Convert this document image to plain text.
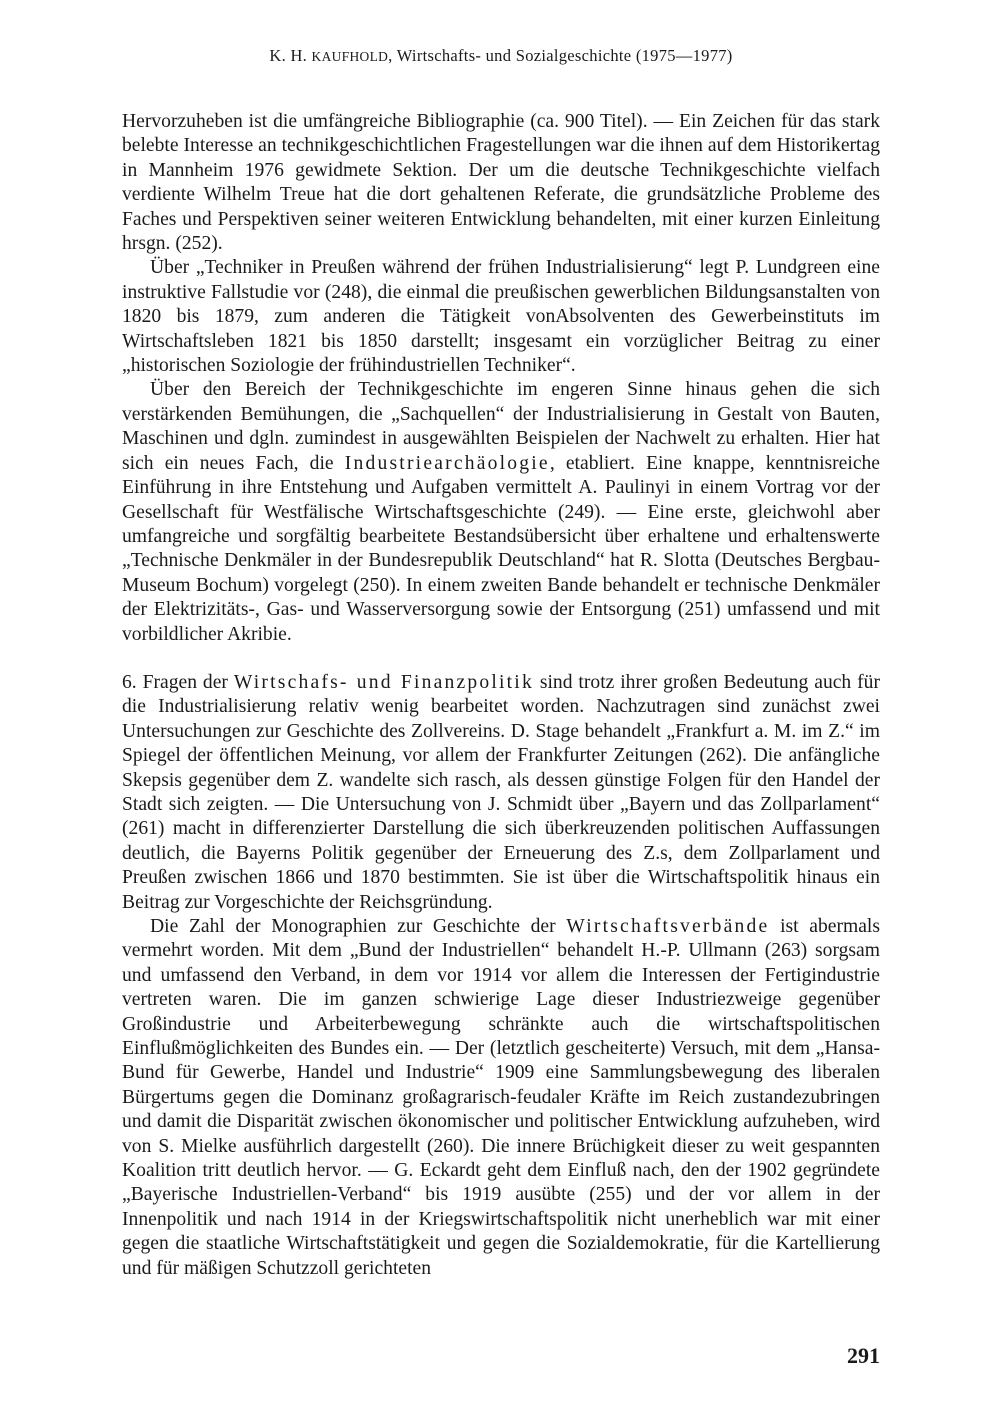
K. H. KAUFHOLD, Wirtschafts- und Sozialgeschichte (1975—1977)

Hervorzuheben ist die umfängreiche Bibliographie (ca. 900 Titel). — Ein Zeichen für das stark belebte Interesse an technikgeschichtlichen Fragestellungen war die ihnen auf dem Historikertag in Mannheim 1976 gewidmete Sektion. Der um die deutsche Technikgeschichte vielfach verdiente Wilhelm Treue hat die dort gehaltenen Referate, die grundsätzliche Probleme des Faches und Perspektiven seiner weiteren Entwicklung behandelten, mit einer kurzen Einleitung hrsgn. (252).

Über „Techniker in Preußen während der frühen Industrialisierung“ legt P. Lundgreen eine instruktive Fallstudie vor (248), die einmal die preußischen gewerblichen Bildungsanstalten von 1820 bis 1879, zum anderen die Tätigkeit vonAbsolventen des Gewerbeinstituts im Wirtschaftsleben 1821 bis 1850 darstellt; insgesamt ein vorzüglicher Beitrag zu einer „historischen Soziologie der frühindustriellen Techniker“.

Über den Bereich der Technikgeschichte im engeren Sinne hinaus gehen die sich verstärkenden Bemühungen, die „Sachquellen“ der Industrialisierung in Gestalt von Bauten, Maschinen und dgln. zumindest in ausgewählten Beispielen der Nachwelt zu erhalten. Hier hat sich ein neues Fach, die Industriearchäologie, etabliert. Eine knappe, kenntnisreiche Einführung in ihre Entstehung und Aufgaben vermittelt A. Paulinyi in einem Vortrag vor der Gesellschaft für Westfälische Wirtschaftsgeschichte (249). — Eine erste, gleichwohl aber umfangreiche und sorgfältig bearbeitete Bestandsübersicht über erhaltene und erhaltenswerte „Technische Denkmäler in der Bundesrepublik Deutschland“ hat R. Slotta (Deutsches Bergbau-Museum Bochum) vorgelegt (250). In einem zweiten Bande behandelt er technische Denkmäler der Elektrizitäts-, Gas- und Wasserversorgung sowie der Entsorgung (251) umfassend und mit vorbildlicher Akribie.

6. Fragen der Wirtschafs- und Finanzpolitik sind trotz ihrer großen Bedeutung auch für die Industrialisierung relativ wenig bearbeitet worden. Nachzutragen sind zunächst zwei Untersuchungen zur Geschichte des Zollvereins. D. Stage behandelt „Frankfurt a. M. im Z.“ im Spiegel der öffentlichen Meinung, vor allem der Frankfurter Zeitungen (262). Die anfängliche Skepsis gegenüber dem Z. wandelte sich rasch, als dessen günstige Folgen für den Handel der Stadt sich zeigten. — Die Untersuchung von J. Schmidt über „Bayern und das Zollparlament“ (261) macht in differenzierter Darstellung die sich überkreuzenden politischen Auffassungen deutlich, die Bayerns Politik gegenüber der Erneuerung des Z.s, dem Zollparlament und Preußen zwischen 1866 und 1870 bestimmten. Sie ist über die Wirtschaftspolitik hinaus ein Beitrag zur Vorgeschichte der Reichsgründung.

Die Zahl der Monographien zur Geschichte der Wirtschaftsverbände ist abermals vermehrt worden. Mit dem „Bund der Industriellen“ behandelt H.-P. Ullmann (263) sorgsam und umfassend den Verband, in dem vor 1914 vor allem die Interessen der Fertigindustrie vertreten waren. Die im ganzen schwierige Lage dieser Industriezweige gegenüber Großindustrie und Arbeiterbewegung schränkte auch die wirtschaftspolitischen Einflußmöglichkeiten des Bundes ein. — Der (letztlich gescheiterte) Versuch, mit dem „Hansa-Bund für Gewerbe, Handel und Industrie“ 1909 eine Sammlungsbewegung des liberalen Bürgertums gegen die Dominanz großagrarisch-feudaler Kräfte im Reich zustandezubringen und damit die Disparität zwischen ökonomischer und politischer Entwicklung aufzuheben, wird von S. Mielke ausführlich dargestellt (260). Die innere Brüchigkeit dieser zu weit gespannten Koalition tritt deutlich hervor. — G. Eckardt geht dem Einfluß nach, den der 1902 gegründete „Bayerische Industriellen-Verband“ bis 1919 ausübte (255) und der vor allem in der Innenpolitik und nach 1914 in der Kriegswirtschaftspolitik nicht unerheblich war mit einer gegen die staatliche Wirtschaftstätigkeit und gegen die Sozialdemokratie, für die Kartellierung und für mäßigen Schutzzoll gerichteten

291
